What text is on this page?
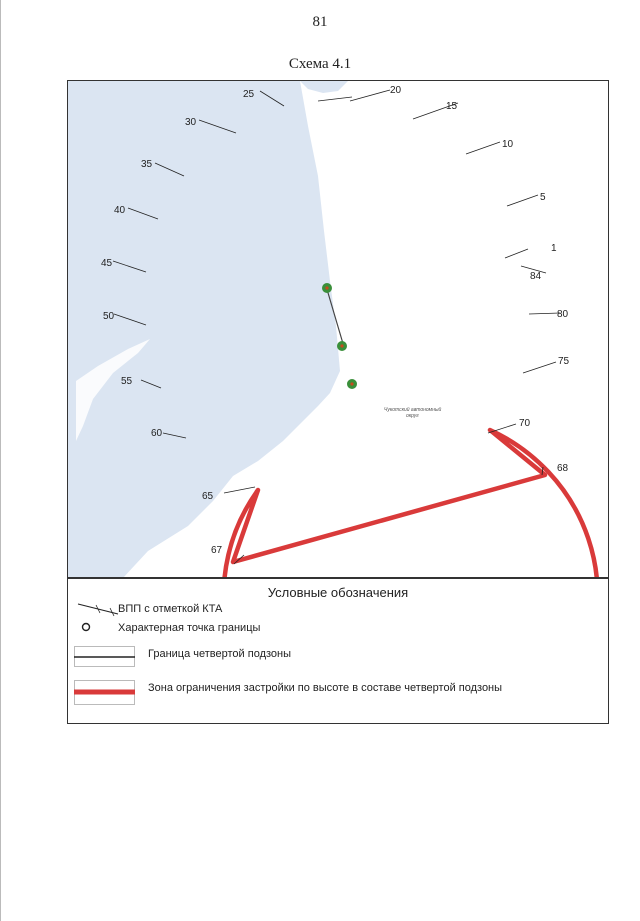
81
Схема 4.1
Чукотский автономный
округ
1
5
10
15
20
25
30
35
40
45
50
55
60
65
67
68
70
75
80
84
Условные обозначения
ВПП с отметкой КТА
Характерная точка границы
Граница четвертой подзоны
Зона ограничения застройки по высоте в составе четвертой подзоны
